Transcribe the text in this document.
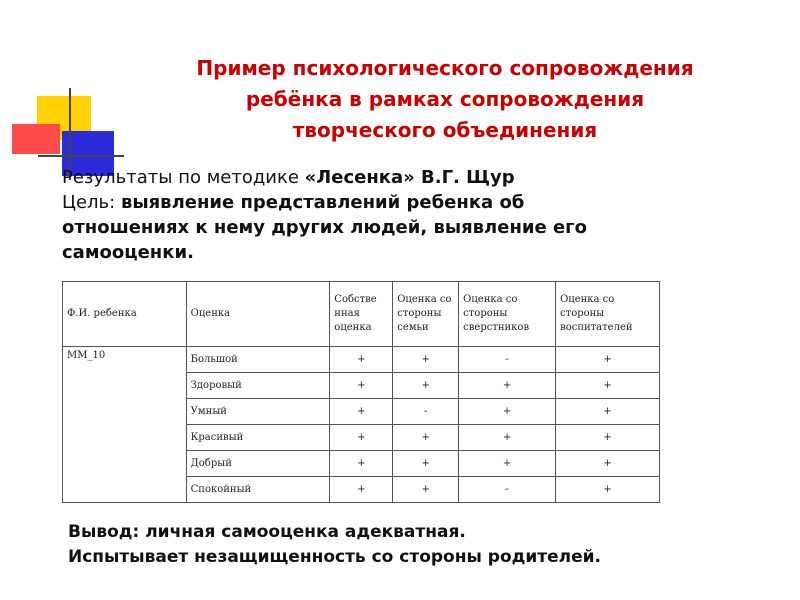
Пример психологического сопровождения
ребёнка в рамках сопровождения
творческого объединения
Результаты по методике «Лесенка» В.Г. Щур
Цель: выявление представлений ребенка об
отношениях к нему других людей, выявление его
самооценки.
Ф.И. ребенка	Оценка	Собстве нная оценка	Оценка со стороны семьи	Оценка со стороны сверстников	Оценка со стороны воспитателей
ММ_10	Большой	+	+	-	+
	Здоровый	+	+	+	+
	Умный	+	-	+	+
	Красивый	+	+	+	+
	Добрый	+	+	+	+
	Спокойный	+	+	-	+
Вывод: личная самооценка адекватная.
Испытывает незащищенность со стороны родителей.
